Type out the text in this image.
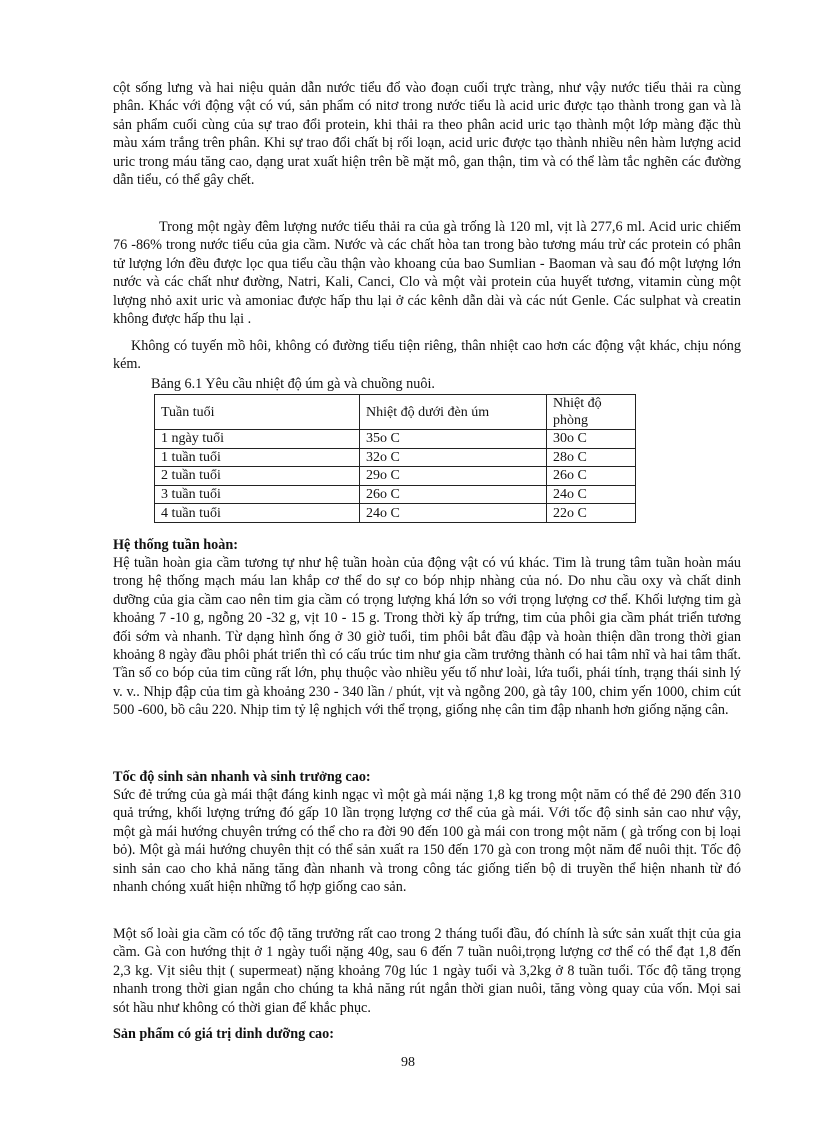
cột sống lưng và hai niệu quản dẫn nước tiểu đổ vào đoạn cuối trực tràng, như vậy nước tiểu thải ra cùng phân. Khác với động vật có vú, sản phẩm có nitơ trong nước tiểu là acid uric được tạo thành trong gan và là sản phẩm cuối cùng của sự trao đổi protein, khi thải ra theo phân acid uric tạo thành một lớp màng đặc thù màu xám trắng trên phân. Khi sự trao đổi chất bị rối loạn, acid uric được tạo thành nhiều nên hàm lượng acid uric trong máu tăng cao, dạng urat xuất hiện trên bề mặt mô, gan thận, tim và có thể làm tắc nghẽn các đường dẫn tiểu, có thể gây chết.

Trong một ngày đêm lượng nước tiểu thải ra của gà trống là 120 ml, vịt là 277,6 ml. Acid uric chiếm 76 -86% trong nước tiểu của gia cầm. Nước và các chất hòa tan trong bào tương máu trừ các protein có phân tử lượng lớn đều được lọc qua tiểu cầu thận vào khoang của bao Sumlian - Baoman và sau đó một lượng lớn nước và các chất như đường, Natri, Kali, Canci, Clo và một vài protein của huyết tương, vitamin cùng một lượng nhỏ axit uric và amoniac được hấp thu lại ở các kênh dẫn dài và các nút Genle. Các sulphat và creatin không được hấp thu lại .

Không có tuyến mồ hôi, không có đường tiểu tiện riêng, thân nhiệt cao hơn các động vật khác, chịu nóng kém.

Bảng 6.1 Yêu cầu nhiệt độ úm gà và chuồng nuôi.

Tuần tuổi	Nhiệt độ dưới đèn úm	Nhiệt độ phòng
1 ngày tuổi	35o C	30o C
1 tuần tuổi	32o C	28o C
2 tuần tuổi	29o C	26o C
3 tuần tuổi	26o C	24o C
4 tuần tuổi	24o C	22o C

Hệ thống tuần hoàn:

Hệ tuần hoàn gia cầm tương tự như hệ tuần hoàn của động vật có vú khác. Tim là trung tâm tuần hoàn máu trong hệ thống mạch máu lan khắp cơ thể do sự co bóp nhịp nhàng của nó. Do nhu cầu oxy và chất dinh dưỡng của gia cầm cao nên tim gia cầm có trọng lượng khá lớn so với trọng lượng cơ thể. Khối lượng tim gà khoảng 7 -10 g, ngỗng 20 -32 g, vịt 10 - 15 g. Trong thời kỳ ấp trứng, tim của phôi gia cầm phát triển tương đối sớm và nhanh. Từ dạng hình ống ở 30 giờ tuổi, tim phôi bắt đầu đập và hoàn thiện dần trong thời gian khoảng 8 ngày đầu phôi phát triển thì có cấu trúc tim như gia cầm trưởng thành có hai tâm nhĩ và hai tâm thất. Tần số co bóp của tim cũng rất lớn, phụ thuộc vào nhiều yếu tố như loài, lứa tuổi, phái tính, trạng thái sinh lý v. v.. Nhịp đập của tim gà khoảng 230 - 340 lần / phút, vịt và ngỗng 200, gà tây 100, chim yến 1000, chim cút 500 -600, bồ câu 220. Nhịp tim tỷ lệ nghịch với thể trọng, giống nhẹ cân tim đập nhanh hơn giống nặng cân.

Tốc độ sinh sản nhanh và sinh trưởng cao:

Sức đẻ trứng của gà mái thật đáng kinh ngạc vì một gà mái nặng 1,8 kg trong một năm có thể đẻ 290 đến 310 quả trứng, khối lượng trứng đó gấp 10 lần trọng lượng cơ thể của gà mái. Với tốc độ sinh sản cao như vậy, một gà mái hướng chuyên trứng có thể cho ra đời 90 đến 100 gà mái con trong một năm ( gà trống con bị loại bỏ). Một gà mái hướng chuyên thịt có thể sản xuất ra 150 đến 170 gà con trong một năm để nuôi thịt. Tốc độ sinh sản cao cho khả năng tăng đàn nhanh và trong công tác giống tiến bộ di truyền thể hiện nhanh từ đó nhanh chóng xuất hiện những tổ hợp giống cao sản.

Một số loài gia cầm có tốc độ tăng trưởng rất cao trong 2 tháng tuổi đầu, đó chính là sức sản xuất thịt của gia cầm. Gà con hướng thịt ở 1 ngày tuổi nặng 40g, sau 6 đến 7 tuần nuôi,trọng lượng cơ thể có thể đạt 1,8 đến 2,3 kg. Vịt siêu thịt ( supermeat) nặng khoảng 70g lúc 1 ngày tuổi và 3,2kg ở 8 tuần tuổi. Tốc độ tăng trọng nhanh trong thời gian ngắn cho chúng ta khả năng rút ngắn thời gian nuôi, tăng vòng quay của vốn. Mọi sai sót hầu như không có thời gian để khắc phục.

Sản phẩm có giá trị dinh dưỡng cao:

98
